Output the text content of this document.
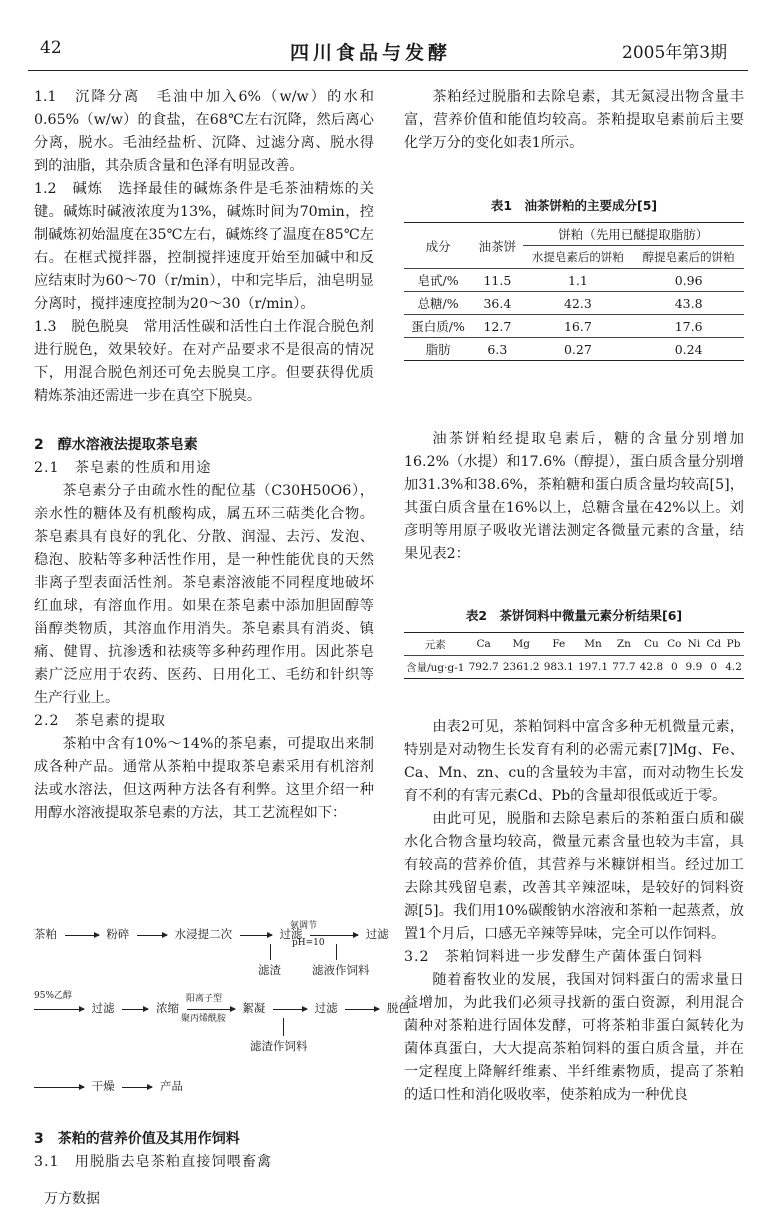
42	四川食品与发酵	2005年第3期

1.1　沉降分离　毛油中加入6%（w/w）的水和0.65%（w/w）的食盐，在68℃左右沉降，然后离心分离，脱水。毛油经盐析、沉降、过滤分离、脱水得到的油脂，其杂质含量和色泽有明显改善。

1.2　碱炼　选择最佳的碱炼条件是毛茶油精炼的关键。碱炼时碱液浓度为13%，碱炼时间为70min，控制碱炼初始温度在35℃左右，碱炼终了温度在85℃左右。在框式搅拌器，控制搅拌速度开始至加碱中和反应结束时为60～70（r/min），中和完毕后，油皂明显分离时，搅拌速度控制为20～30（r/min）。

1.3　脱色脱臭　常用活性碳和活性白土作混合脱色剂进行脱色，效果较好。在对产品要求不是很高的情况下，用混合脱色剂还可免去脱臭工序。但要获得优质精炼茶油还需进一步在真空下脱臭。

2　醇水溶液法提取茶皂素

2.1　茶皂素的性质和用途

茶皂素分子由疏水性的配位基（C30H50O6），亲水性的糖体及有机酸构成，属五环三萜类化合物。茶皂素具有良好的乳化、分散、润湿、去污、发泡、稳泡、胶粘等多种活性作用，是一种性能优良的天然非离子型表面活性剂。茶皂素溶液能不同程度地破坏红血球，有溶血作用。如果在茶皂素中添加胆固醇等甾醇类物质，其溶血作用消失。茶皂素具有消炎、镇痛、健胃、抗渗透和祛痰等多种药理作用。因此茶皂素广泛应用于农药、医药、日用化工、毛纺和针织等生产行业上。

2.2　茶皂素的提取

茶粕中含有10%～14%的茶皂素，可提取出来制成各种产品。通常从茶粕中提取茶皂素采用有机溶剂法或水溶法，但这两种方法各有利弊。这里介绍一种用醇水溶液提取茶皂素的方法，其工艺流程如下：

茶粕	粉碎	水浸提二次	过滤	过滤
氨调节
pH=10
滤渣	滤液作饲料
95%乙醇
过滤	浓缩	絮凝	过滤	脱色
阳离子型
聚丙烯酰胺
滤渣作饲料
干燥	产品

3　茶粕的营养价值及其用作饲料

3.1　用脱脂去皂茶粕直接饲喂畜禽

茶粕经过脱脂和去除皂素，其无氮浸出物含量丰富，营养价值和能值均较高。茶粕提取皂素前后主要化学万分的变化如表1所示。

表1　油茶饼粕的主要成分[5]
成分	油茶饼	饼粕（先用已醚提取脂肪）	
		水提皂素后的饼粕	醇提皂素后的饼粕
皂甙/%	11.5	1.1	0.96
总糖/%	36.4	42.3	43.8
蛋白质/%	12.7	16.7	17.6
脂肪	6.3	0.27	0.24

油茶饼粕经提取皂素后，糖的含量分别增加16.2%（水提）和17.6%（醇提），蛋白质含量分别增加31.3%和38.6%，茶粕糖和蛋白质含量均较高[5]，其蛋白质含量在16%以上，总糖含量在42%以上。刘彦明等用原子吸收光谱法测定各微量元素的含量，结果见表2：

表2　茶饼饲料中微量元素分析结果[6]
元素	Ca	Mg	Fe	Mn	Zn	Cu	Co	Ni	Cd	Pb
含量/ug·g-1	792.7	2361.2	983.1	197.1	77.7	42.8	0	9.9	0	4.2

由表2可见，茶粕饲料中富含多种无机微量元素，特别是对动物生长发育有利的必需元素[7]Mg、Fe、Ca、Mn、zn、cu的含量较为丰富，而对动物生长发育不利的有害元素Cd、Pb的含量却很低或近于零。

由此可见，脱脂和去除皂素后的茶粕蛋白质和碳水化合物含量均较高，微量元素含量也较为丰富，具有较高的营养价值，其营养与米糠饼相当。经过加工去除其残留皂素，改善其辛辣涩味，是较好的饲料资源[5]。我们用10%碳酸钠水溶液和茶粕一起蒸煮，放置1个月后，口感无辛辣等异味，完全可以作饲料。

3.2　茶粕饲料进一步发酵生产菌体蛋白饲料

随着畜牧业的发展，我国对饲料蛋白的需求量日益增加，为此我们必须寻找新的蛋白资源，利用混合菌种对茶粕进行固体发酵，可将茶粕非蛋白氮转化为菌体真蛋白，大大提高茶粕饲料的蛋白质含量，并在一定程度上降解纤维素、半纤维素物质，提高了茶粕的适口性和消化吸收率，使茶粕成为一种优良

万方数据
